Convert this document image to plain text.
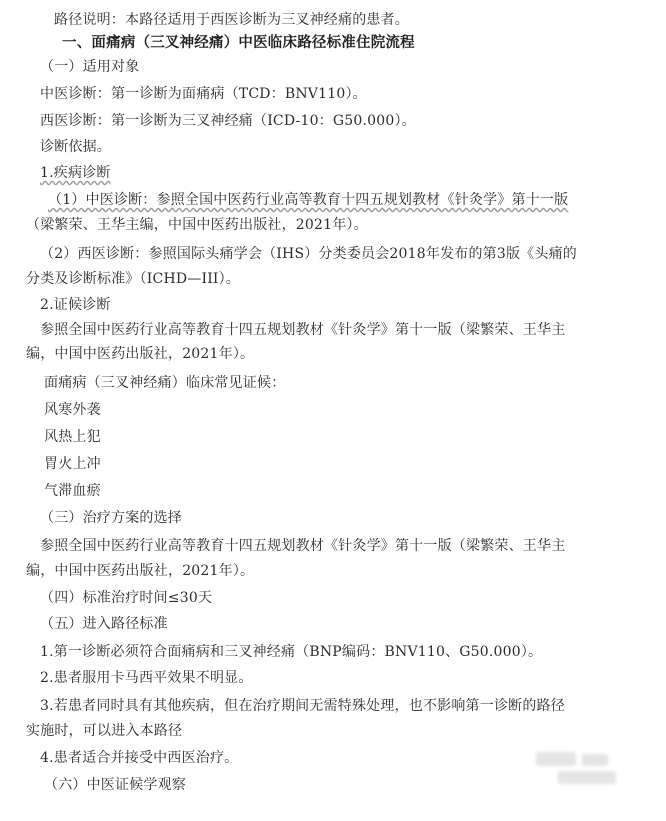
路径说明：本路径适用于西医诊断为三叉神经痛的患者。
一、面痛病（三叉神经痛）中医临床路径标准住院流程
（一）适用对象
中医诊断：第一诊断为面痛病（TCD：BNV110）。
西医诊断：第一诊断为三叉神经痛（ICD-10：G50.000）。
诊断依据。
1.疾病诊断
（1）中医诊断：参照全国中医药行业高等教育十四五规划教材《针灸学》第十一版
（梁繁荣、王华主编，中国中医药出版社，2021年）。
（2）西医诊断：参照国际头痛学会（IHS）分类委员会2018年发布的第3版《头痛的
分类及诊断标准》（ICHD—III）。
2.证候诊断
参照全国中医药行业高等教育十四五规划教材《针灸学》第十一版（梁繁荣、王华主
编，中国中医药出版社，2021年）。
面痛病（三叉神经痛）临床常见证候：
风寒外袭
风热上犯
胃火上冲
气滞血瘀
（三）治疗方案的选择
参照全国中医药行业高等教育十四五规划教材《针灸学》第十一版（梁繁荣、王华主
编，中国中医药出版社，2021年）。
（四）标准治疗时间≤30天
（五）进入路径标准
1.第一诊断必须符合面痛病和三叉神经痛（BNP编码：BNV110、G50.000）。
2.患者服用卡马西平效果不明显。
3.若患者同时具有其他疾病，但在治疗期间无需特殊处理，也不影响第一诊断的路径
实施时，可以进入本路径
4.患者适合并接受中西医治疗。
（六）中医证候学观察
